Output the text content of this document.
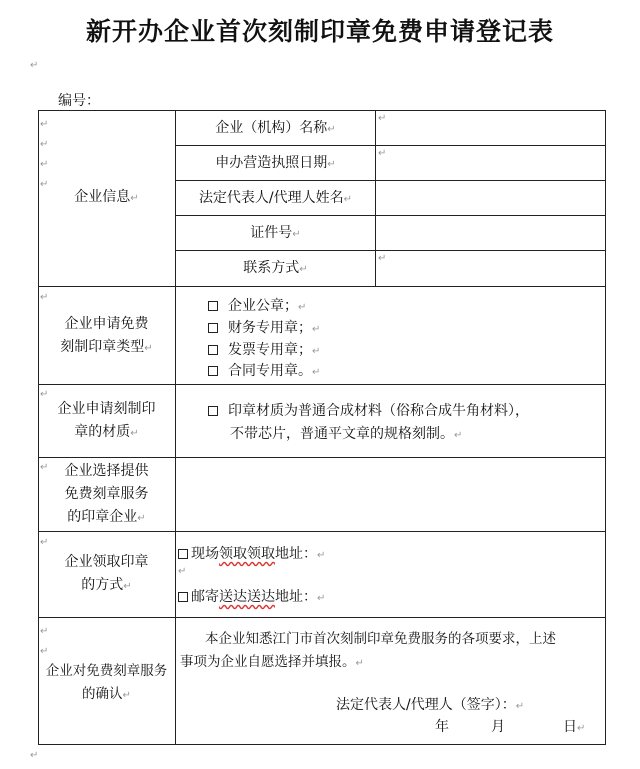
新开办企业首次刻制印章免费申请登记表
↵
编号：
↵
↵
↵
↵
↵
↵
↵
↵
↵
↵
↵
企业信息↵
企业（机构）名称↵
申办营造执照日期↵
法定代表人/代理人姓名↵
证件号↵
联系方式↵
↵
↵
↵
企业申请免费
刻制印章类型↵
企业公章；↵
财务专用章；↵
发票专用章；↵
合同专用章。↵
企业申请刻制印
章的材质↵
印章材质为普通合成材料（俗称合成牛角材料），
不带芯片，普通平文章的规格刻制。↵
企业选择提供
免费刻章服务
的印章企业↵
企业领取印章
的方式↵
现场领取领取地址：↵
邮寄送达送达地址：↵
企业对免费刻章服务
的确认↵
本企业知悉江门市首次刻制印章免费服务的各项要求，上述
事项为企业自愿选择并填报。↵
法定代表人/代理人（签字）：↵
年	月	日↵
↵
